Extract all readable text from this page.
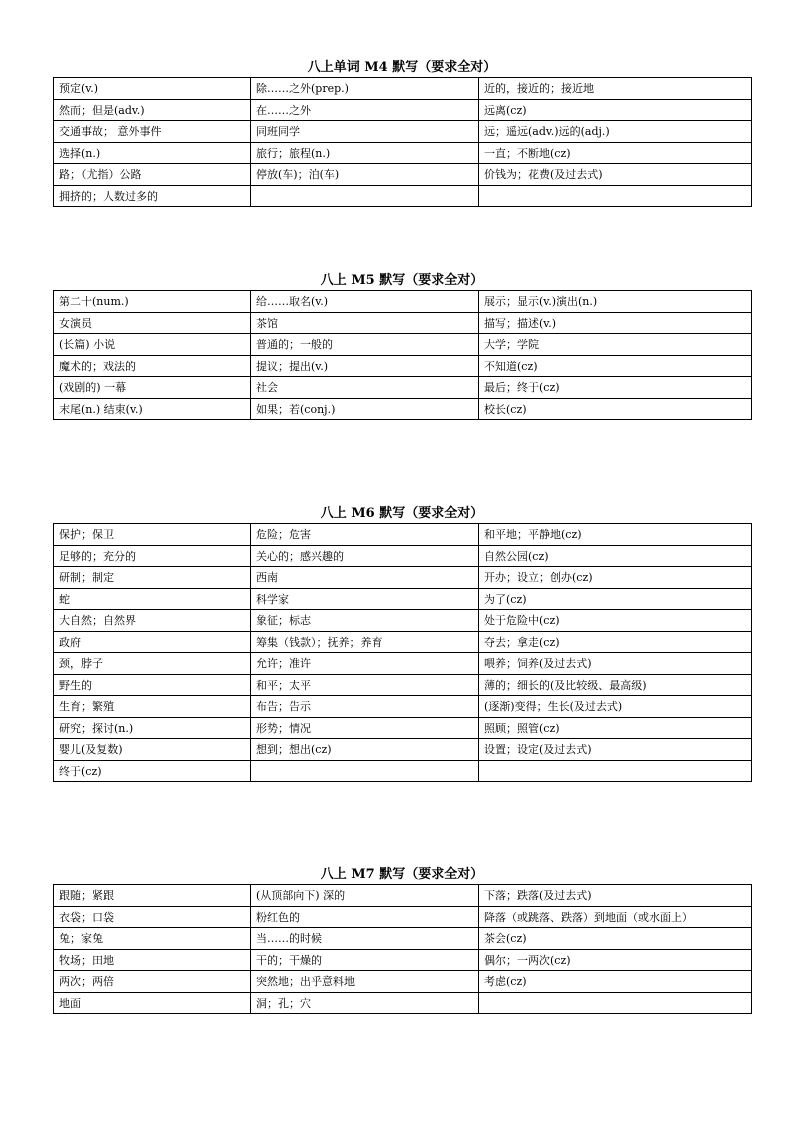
八上单词 M4 默写（要求全对）
预定(v.)	除……之外(prep.)	近的，接近的；接近地
然而；但是(adv.)	在……之外	远离(cz)
交通事故； 意外事件	同班同学	远；遥远(adv.)远的(adj.)
选择(n.)	旅行；旅程(n.)	一直；不断地(cz)
路；（尤指）公路	停放(车)；泊(车)	价钱为；花费(及过去式)
拥挤的；人数过多的		
八上 M5 默写（要求全对）
第二十(num.)	给……取名(v.)	展示；显示(v.)演出(n.)
女演员	茶馆	描写；描述(v.)
(长篇) 小说	普通的；一般的	大学；学院
魔术的；戏法的	提议；提出(v.)	不知道(cz)
(戏剧的) 一幕	社会	最后；终于(cz)
末尾(n.) 结束(v.)	如果；若(conj.)	校长(cz)
八上 M6 默写（要求全对）
保护；保卫	危险；危害	和平地；平静地(cz)
足够的；充分的	关心的；感兴趣的	自然公园(cz)
研制；制定	西南	开办；设立；创办(cz)
蛇	科学家	为了(cz)
大自然；自然界	象征；标志	处于危险中(cz)
政府	筹集（钱款）；抚养；养育	夺去；拿走(cz)
颈，脖子	允许；准许	喂养；饲养(及过去式)
野生的	和平；太平	薄的；细长的(及比较级、最高级)
生育；繁殖	布告；告示	(逐渐)变得；生长(及过去式)
研究；探讨(n.)	形势；情况	照顾；照管(cz)
婴儿(及复数)	想到；想出(cz)	设置；设定(及过去式)
终于(cz)		
八上 M7 默写（要求全对）
跟随；紧跟	(从顶部向下) 深的	下落；跌落(及过去式)
衣袋；口袋	粉红色的	降落（或跳落、跌落）到地面（或水面上）
兔；家兔	当……的时候	茶会(cz)
牧场；田地	干的；干燥的	偶尔；一两次(cz)
两次；两倍	突然地；出乎意料地	考虑(cz)
地面	洞；孔；穴	
